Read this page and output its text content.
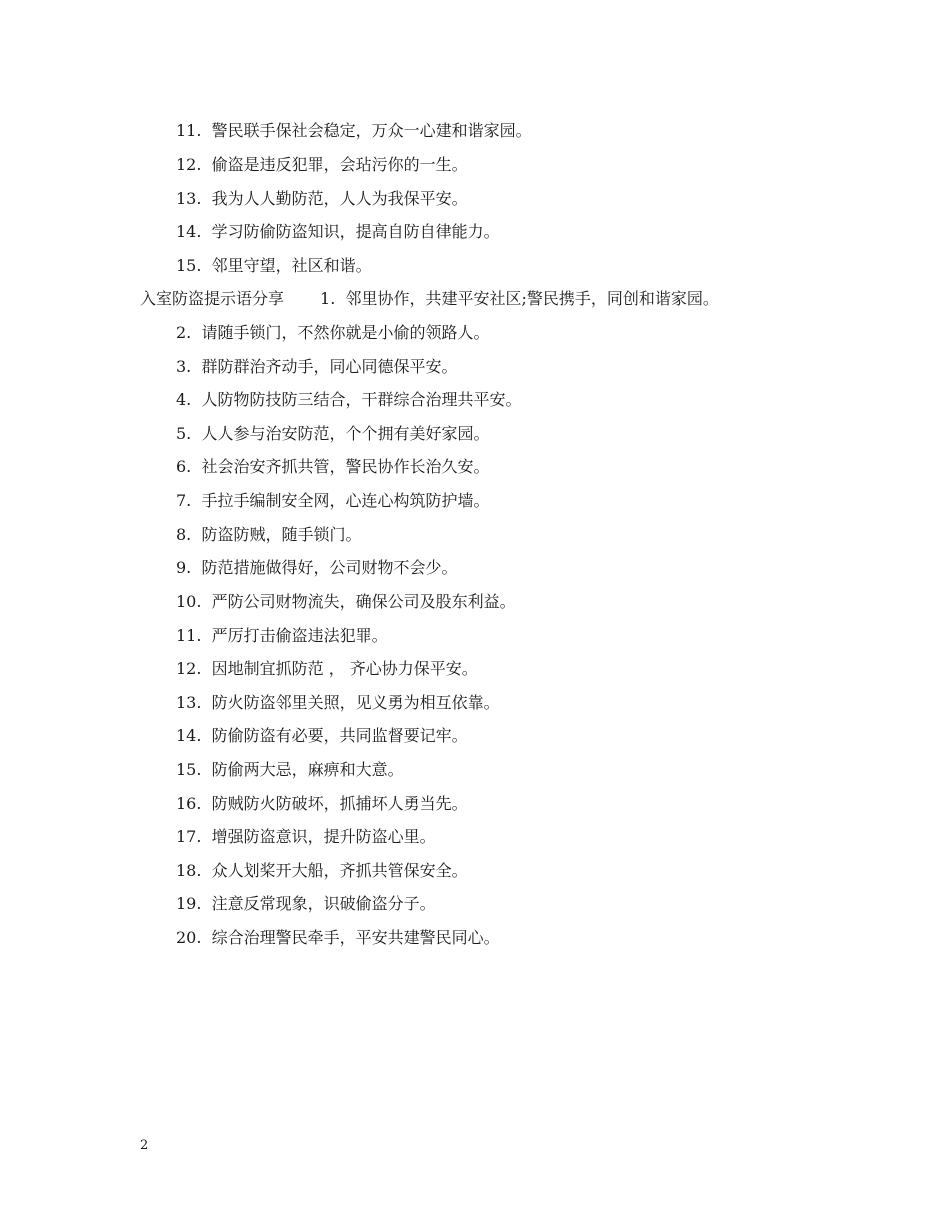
11. 警民联手保社会稳定，万众一心建和谐家园。
12. 偷盗是违反犯罪，会玷污你的一生。
13. 我为人人勤防范，人人为我保平安。
14. 学习防偷防盗知识，提高自防自律能力。
15. 邻里守望，社区和谐。
入室防盗提示语分享 1. 邻里协作，共建平安社区;警民携手，同创和谐家园。
2. 请随手锁门，不然你就是小偷的领路人。
3. 群防群治齐动手，同心同德保平安。
4. 人防物防技防三结合，干群综合治理共平安。
5. 人人参与治安防范，个个拥有美好家园。
6. 社会治安齐抓共管，警民协作长治久安。
7. 手拉手编制安全网，心连心构筑防护墙。
8. 防盗防贼，随手锁门。
9. 防范措施做得好，公司财物不会少。
10. 严防公司财物流失，确保公司及股东利益。
11. 严厉打击偷盗违法犯罪。
12. 因地制宜抓防范 ， 齐心协力保平安。
13. 防火防盗邻里关照，见义勇为相互依靠。
14. 防偷防盗有必要，共同监督要记牢。
15. 防偷两大忌，麻痹和大意。
16. 防贼防火防破坏，抓捕坏人勇当先。
17. 增强防盗意识，提升防盗心里。
18. 众人划桨开大船，齐抓共管保安全。
19. 注意反常现象，识破偷盗分子。
20. 综合治理警民牵手，平安共建警民同心。
2
